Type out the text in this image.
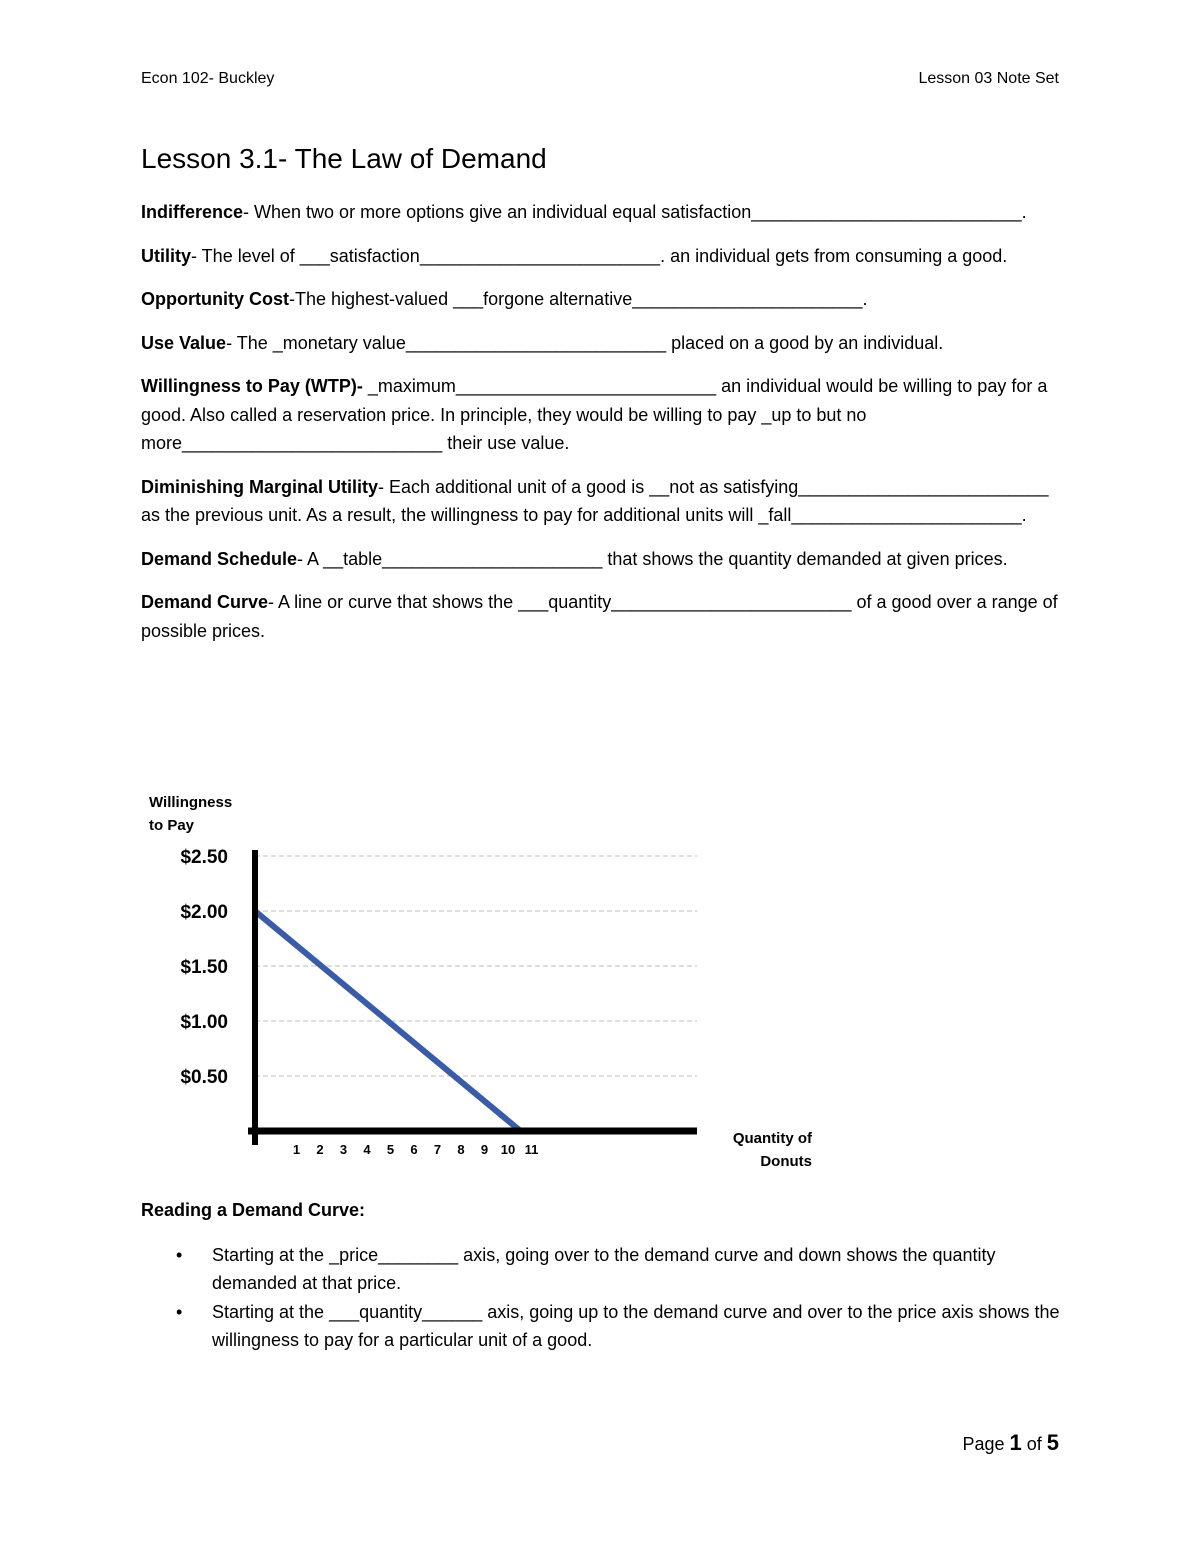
Econ 102- Buckley	Lesson 03 Note Set
Lesson 3.1- The Law of Demand

Indifference- When two or more options give an individual equal satisfaction___________________________.

Utility- The level of ___satisfaction________________________. an individual gets from consuming a good.

Opportunity Cost-The highest-valued ___forgone alternative_______________________.

Use Value- The _monetary value__________________________ placed on a good by an individual.

Willingness to Pay (WTP)- _maximum__________________________ an individual would be willing to pay for a good. Also called a reservation price. In principle, they would be willing to pay _up to but no more__________________________ their use value.

Diminishing Marginal Utility- Each additional unit of a good is __not as satisfying_________________________ as the previous unit. As a result, the willingness to pay for additional units will _fall_______________________.

Demand Schedule- A __table______________________ that shows the quantity demanded at given prices.

Demand Curve- A line or curve that shows the ___quantity________________________ of a good over a range of possible prices.

Willingness
to Pay
Quantity of
Donuts
$2.50
$2.00
$1.50
$1.00
$0.50
1 2 3 4 5 6 7 8 9 10 11

Reading a Demand Curve:

• Starting at the _price________ axis, going over to the demand curve and down shows the quantity demanded at that price.
• Starting at the ___quantity______ axis, going up to the demand curve and over to the price axis shows the willingness to pay for a particular unit of a good.
Page 1 of 5
